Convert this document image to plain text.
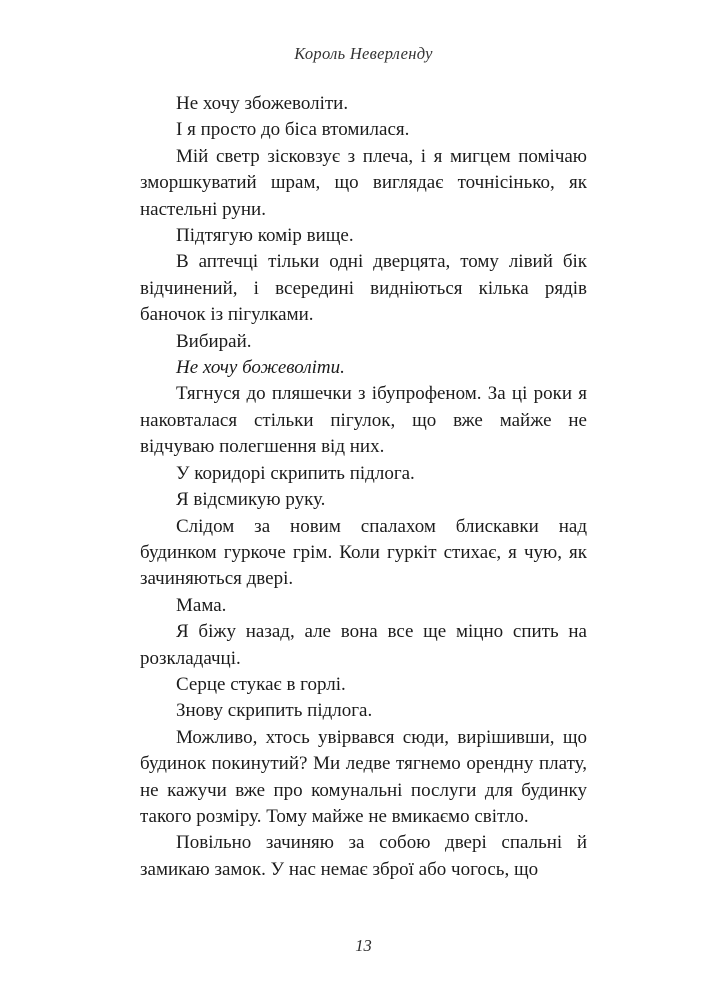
Король Неверленду

Не хочу збожеволіти.

І я просто до біса втомилася.

Мій светр зісковзує з плеча, і я мигцем помічаю зморшкуватий шрам, що виглядає точнісінько, як настельні руни.

Підтягую комір вище.

В аптечці тільки одні дверцята, тому лівий бік відчинений, і всередині видніються кілька рядів баночок із пігулками.

Вибирай.

Не хочу божеволіти.

Тягнуся до пляшечки з ібупрофеном. За ці роки я наковталася стільки пігулок, що вже майже не відчуваю полегшення від них.

У коридорі скрипить підлога.

Я відсмикую руку.

Слідом за новим спалахом блискавки над будинком гуркоче грім. Коли гуркіт стихає, я чую, як зачиняються двері.

Мама.

Я біжу назад, але вона все ще міцно спить на розкладачці.

Серце стукає в горлі.

Знову скрипить підлога.

Можливо, хтось увірвався сюди, вирішивши, що будинок покинутий? Ми ледве тягнемо орендну плату, не кажучи вже про комунальні послуги для будинку такого розміру. Тому майже не вмикаємо світло.

Повільно зачиняю за собою двері спальні й замикаю замок. У нас немає зброї або чогось, що

13
